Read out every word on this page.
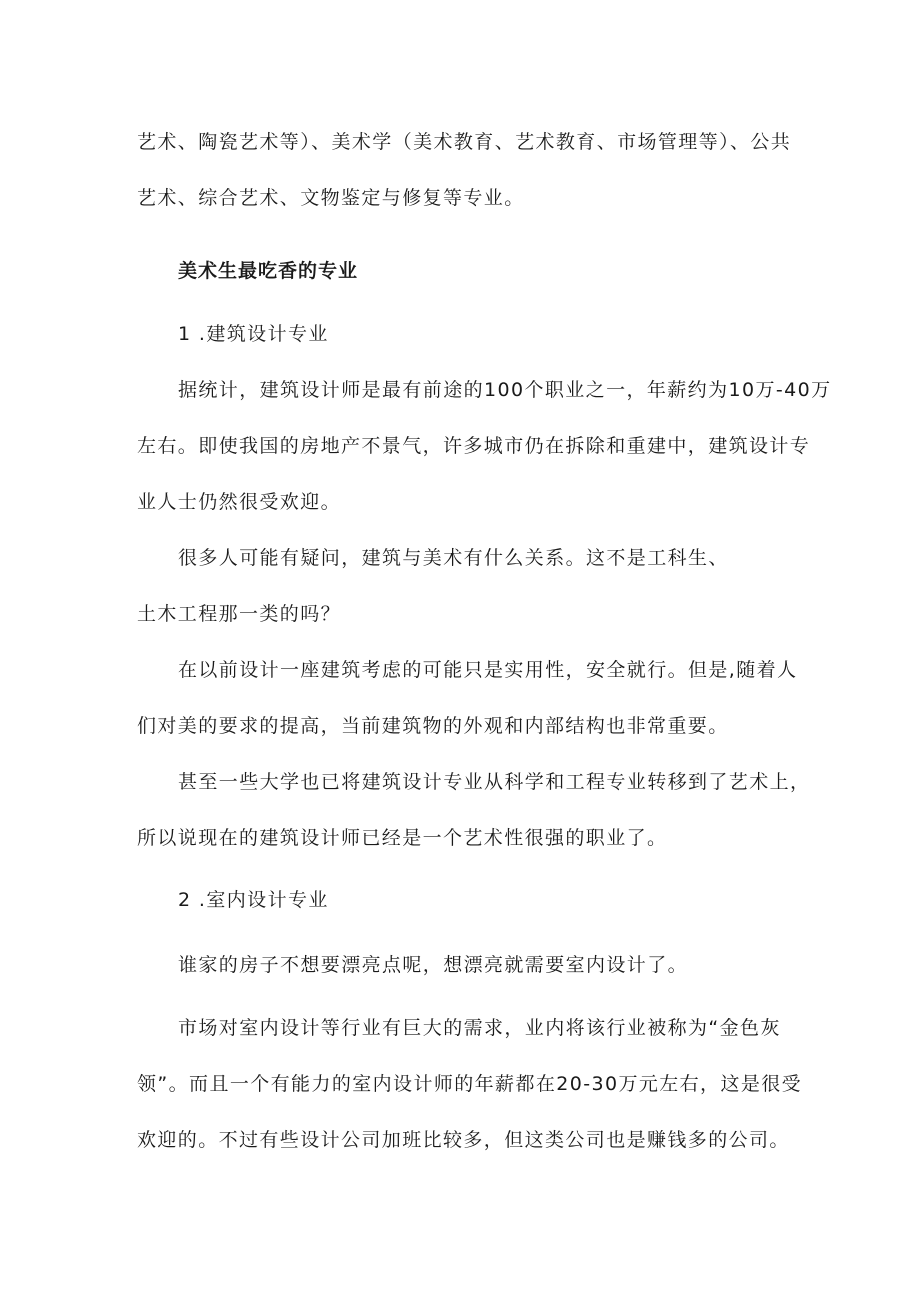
艺术、陶瓷艺术等）、美术学（美术教育、艺术教育、市场管理等）、公共
艺术、综合艺术、文物鉴定与修复等专业。
美术生最吃香的专业
1 .建筑设计专业
据统计，建筑设计师是最有前途的100个职业之一，年薪约为10万-40万
左右。即使我国的房地产不景气，许多城市仍在拆除和重建中，建筑设计专
业人士仍然很受欢迎。
很多人可能有疑问，建筑与美术有什么关系。这不是工科生、
土木工程那一类的吗？
在以前设计一座建筑考虑的可能只是实用性，安全就行。但是,随着人
们对美的要求的提高，当前建筑物的外观和内部结构也非常重要。
甚至一些大学也已将建筑设计专业从科学和工程专业转移到了艺术上，
所以说现在的建筑设计师已经是一个艺术性很强的职业了。
2 .室内设计专业
谁家的房子不想要漂亮点呢，想漂亮就需要室内设计了。
市场对室内设计等行业有巨大的需求，业内将该行业被称为“金色灰
领”。而且一个有能力的室内设计师的年薪都在20-30万元左右，这是很受
欢迎的。不过有些设计公司加班比较多，但这类公司也是赚钱多的公司。
